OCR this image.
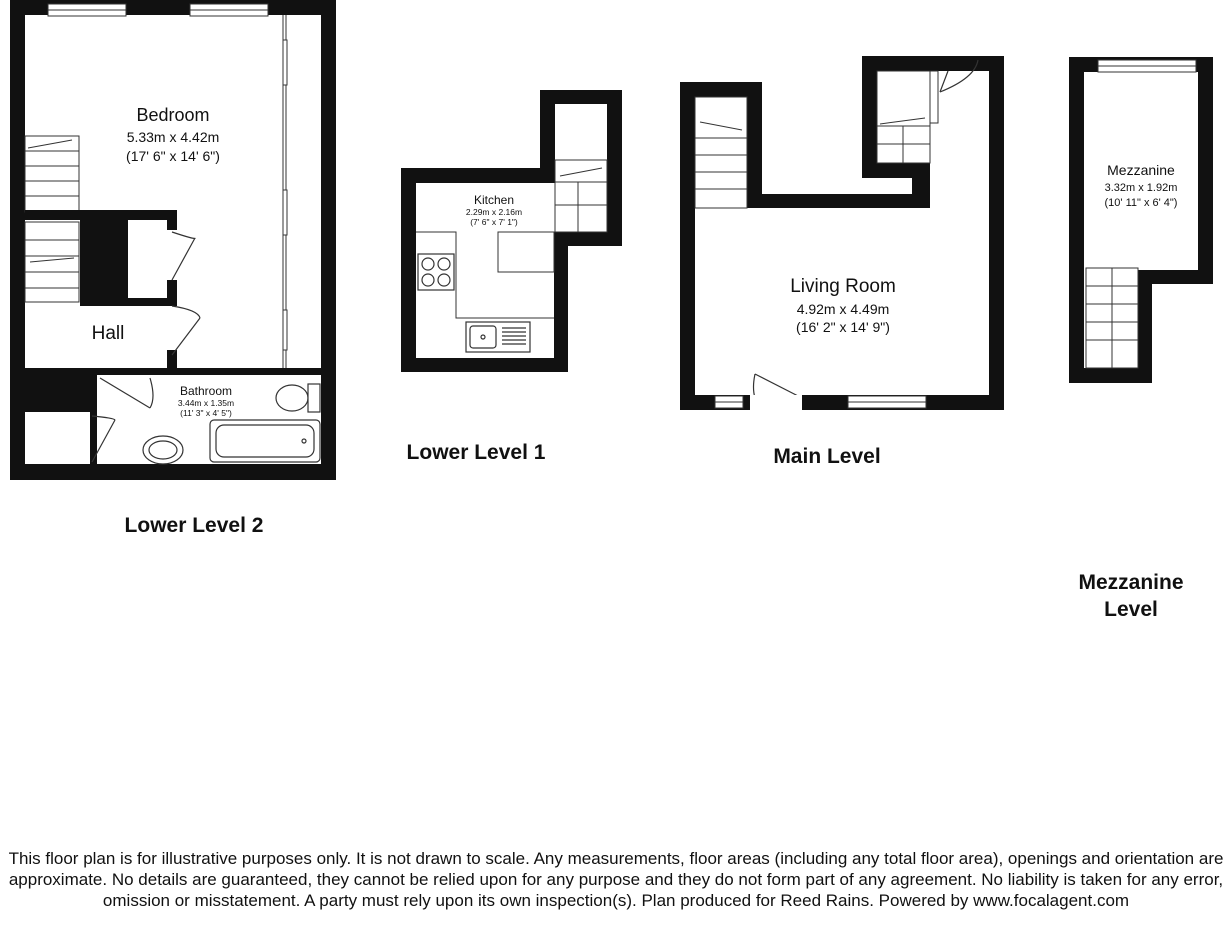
Bedroom
5.33m x 4.42m
(17' 6" x 14' 6")
Hall
Bathroom
3.44m x 1.35m
(11' 3" x 4' 5")
Lower Level 2
Kitchen
2.29m x 2.16m
(7' 6" x 7' 1")
Lower Level 1
Living Room
4.92m x 4.49m
(16' 2" x 14' 9")
Main Level
Mezzanine
3.32m x 1.92m
(10' 11" x 6' 4")
Mezzanine
Level
This floor plan is for illustrative purposes only. It is not drawn to scale. Any measurements, floor areas (including any total floor area), openings and orientation are approximate. No details are guaranteed, they cannot be relied upon for any purpose and they do not form part of any agreement. No liability is taken for any error, omission or misstatement. A party must rely upon its own inspection(s). Plan produced for Reed Rains. Powered by www.focalagent.com
